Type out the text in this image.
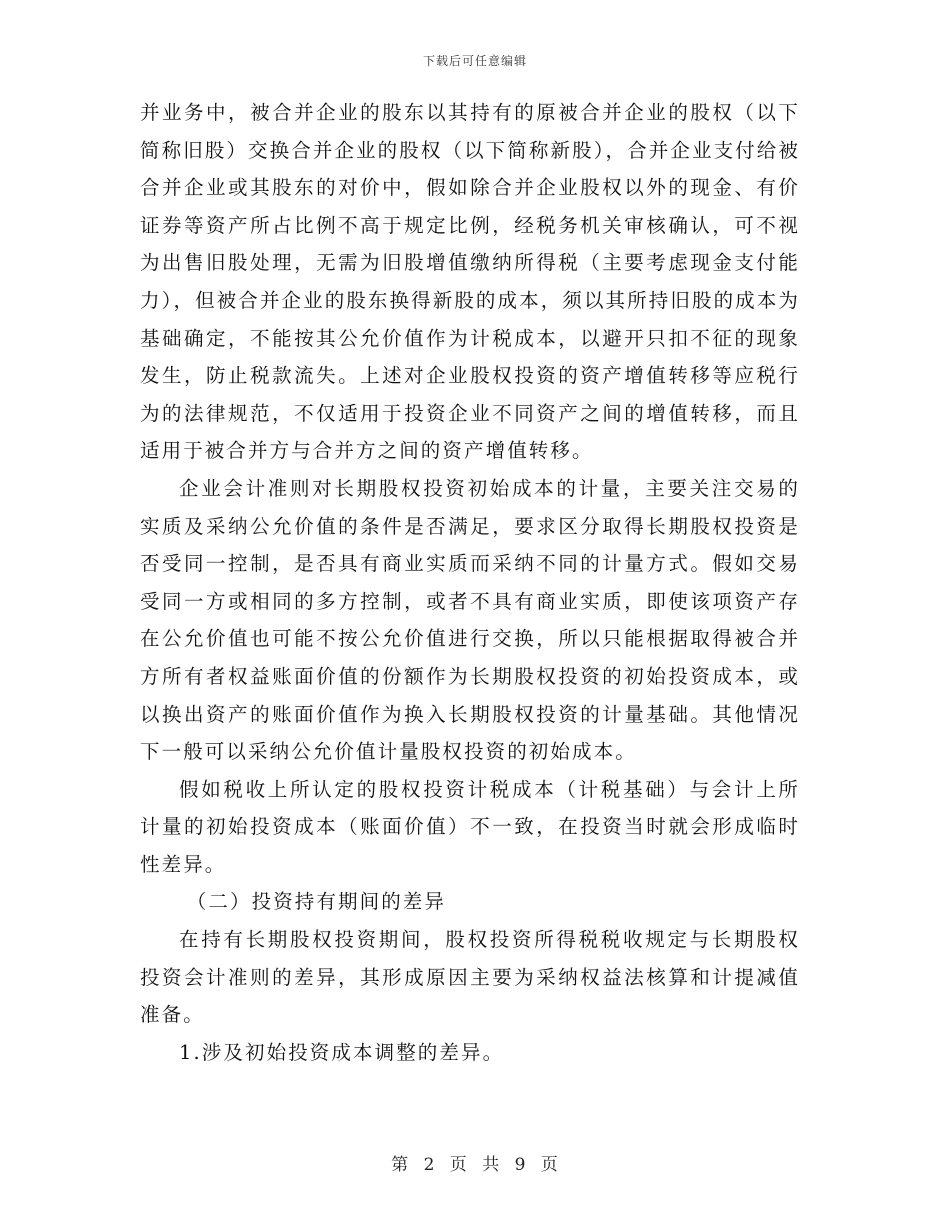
下载后可任意编辑

并业务中，被合并企业的股东以其持有的原被合并企业的股权（以下简称旧股）交换合并企业的股权（以下简称新股），合并企业支付给被合并企业或其股东的对价中，假如除合并企业股权以外的现金、有价证券等资产所占比例不高于规定比例，经税务机关审核确认，可不视为出售旧股处理，无需为旧股增值缴纳所得税（主要考虑现金支付能力），但被合并企业的股东换得新股的成本，须以其所持旧股的成本为基础确定，不能按其公允价值作为计税成本，以避开只扣不征的现象发生，防止税款流失。上述对企业股权投资的资产增值转移等应税行为的法律规范，不仅适用于投资企业不同资产之间的增值转移，而且适用于被合并方与合并方之间的资产增值转移。

企业会计准则对长期股权投资初始成本的计量，主要关注交易的实质及采纳公允价值的条件是否满足，要求区分取得长期股权投资是否受同一控制，是否具有商业实质而采纳不同的计量方式。假如交易受同一方或相同的多方控制，或者不具有商业实质，即使该项资产存在公允价值也可能不按公允价值进行交换，所以只能根据取得被合并方所有者权益账面价值的份额作为长期股权投资的初始投资成本，或以换出资产的账面价值作为换入长期股权投资的计量基础。其他情况下一般可以采纳公允价值计量股权投资的初始成本。

假如税收上所认定的股权投资计税成本（计税基础）与会计上所计量的初始投资成本（账面价值）不一致，在投资当时就会形成临时性差异。

（二）投资持有期间的差异

在持有长期股权投资期间，股权投资所得税税收规定与长期股权投资会计准则的差异，其形成原因主要为采纳权益法核算和计提减值准备。

1.涉及初始投资成本调整的差异。

第 2 页 共 9 页
